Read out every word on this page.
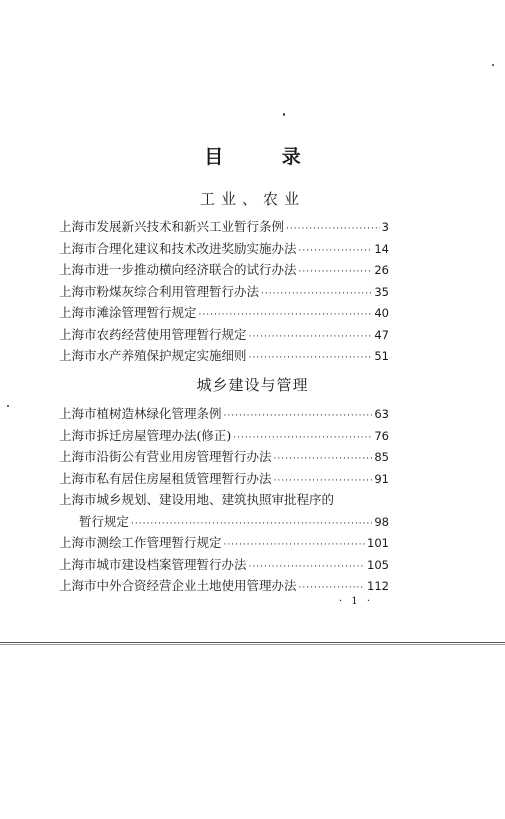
目 录
工业、农业
上海市发展新兴技术和新兴工业暂行条例 ·····	3
上海市合理化建议和技术改进奖励实施办法 ·····	14
上海市进一步推动横向经济联合的试行办法 ·····	26
上海市粉煤灰综合利用管理暂行办法 ·····	35
上海市滩涂管理暂行规定 ·····	40
上海市农药经营使用管理暂行规定 ·····	47
上海市水产养殖保护规定实施细则 ·····	51
城乡建设与管理
上海市植树造林绿化管理条例 ·····	63
上海市拆迁房屋管理办法(修正) ·····	76
上海市沿街公有营业用房管理暂行办法 ·····	85
上海市私有居住房屋租赁管理暂行办法 ·····	91
上海市城乡规划、建设用地、建筑执照审批程序的
暂行规定 ·····	98
上海市测绘工作管理暂行规定 ·····	101
上海市城市建设档案管理暂行办法 ·····	105
上海市中外合资经营企业土地使用管理办法 ·····	112
· 1 ·
